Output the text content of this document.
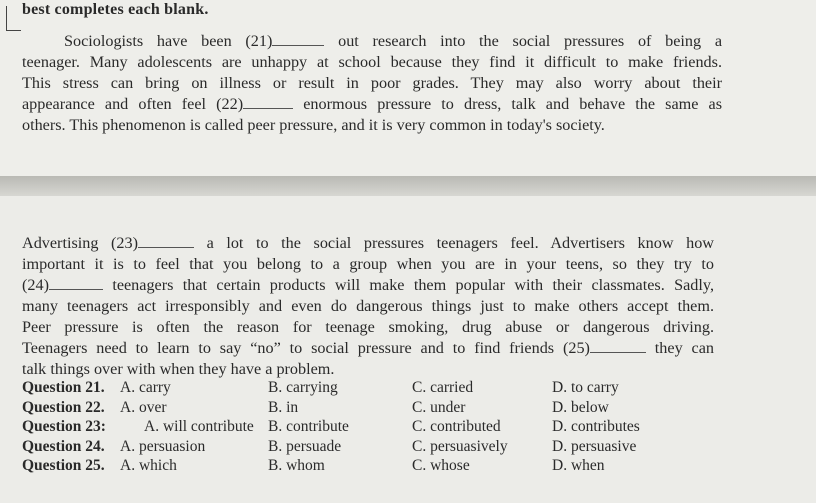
best completes each blank.
Sociologists have been (21)	out research into the social pressures of being a
teenager. Many adolescents are unhappy at school because they find it difficult to make friends.
This stress can bring on illness or result in poor grades. They may also worry about their
appearance and often feel (22)	enormous pressure to dress, talk and behave the same as
others. This phenomenon is called peer pressure, and it is very common in today's society.
Advertising (23)	a lot to the social pressures teenagers feel. Advertisers know how
important it is to feel that you belong to a group when you are in your teens, so they try to
(24)	teenagers that certain products will make them popular with their classmates. Sadly,
many teenagers act irresponsibly and even do dangerous things just to make others accept them.
Peer pressure is often the reason for teenage smoking, drug abuse or dangerous driving.
Teenagers need to learn to say “no” to social pressure and to find friends (25)	they can
talk things over with when they have a problem.
Question 21. A. carry	B. carrying	C. carried	D. to carry
Question 22. A. over	B. in	C. under	D. below
Question 23: A. will contribute B. contribute	C. contributed	D. contributes
Question 24. A. persuasion	B. persuade	C. persuasively	D. persuasive
Question 25. A. which	B. whom	C. whose	D. when
